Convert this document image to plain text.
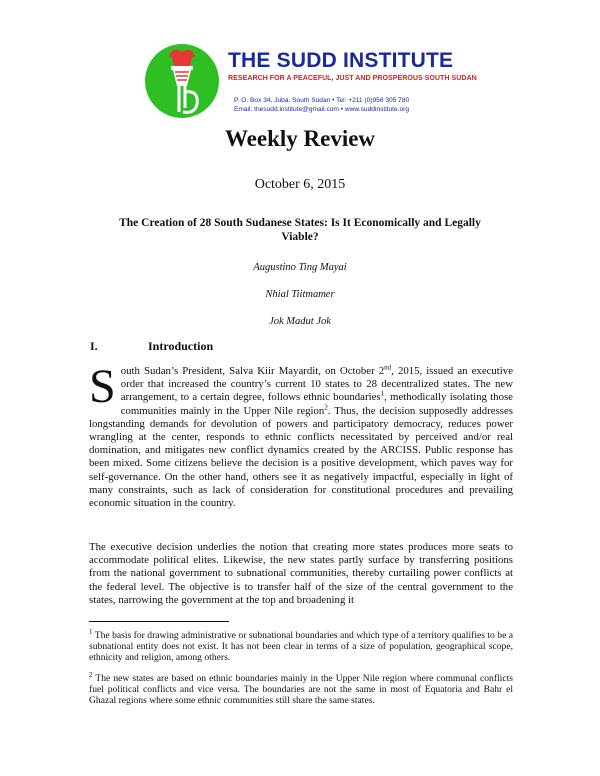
THE SUDD INSTITUTE
RESEARCH FOR A PEACEFUL, JUST AND PROSPEROUS SOUTH SUDAN
P. O. Box 34, Juba, South Sudan • Tel: +211 (0)956 305 780
Email: thesudd.institute@gmail.com • www.suddinstitute.org
Weekly Review
October 6, 2015
The Creation of 28 South Sudanese States: Is It Economically and Legally Viable?
Augustino Ting Mayai
Nhial Tiitmamer
Jok Madut Jok
I.	Introduction

South Sudan’s President, Salva Kiir Mayardit, on October 2nd, 2015, issued an executive order that increased the country’s current 10 states to 28 decentralized states. The new arrangement, to a certain degree, follows ethnic boundaries$^1$, methodically isolating those communities mainly in the Upper Nile region$^2$. Thus, the decision supposedly addresses longstanding demands for devolution of powers and participatory democracy, reduces power wrangling at the center, responds to ethnic conflicts necessitated by perceived and/or real domination, and mitigates new conflict dynamics created by the ARCISS. Public response has been mixed. Some citizens believe the decision is a positive development, which paves way for self-governance. On the other hand, others see it as negatively impactful, especially in light of many constraints, such as lack of consideration for constitutional procedures and prevailing economic situation in the country.

The executive decision underlies the notion that creating more states produces more seats to accommodate political elites. Likewise, the new states partly surface by transferring positions from the national government to subnational communities, thereby curtailing power conflicts at the federal level. The objective is to transfer half of the size of the central government to the states, narrowing the government at the top and broadening it

$^1$ The basis for drawing administrative or subnational boundaries and which type of a territory qualifies to be a subnational entity does not exist. It has not been clear in terms of a size of population, geographical scope, ethnicity and religion, among others.

$^2$ The new states are based on ethnic boundaries mainly in the Upper Nile region where communal conflicts fuel political conflicts and vice versa. The boundaries are not the same in most of Equatoria and Bahr el Ghazal regions where some ethnic communities still share the same states.
